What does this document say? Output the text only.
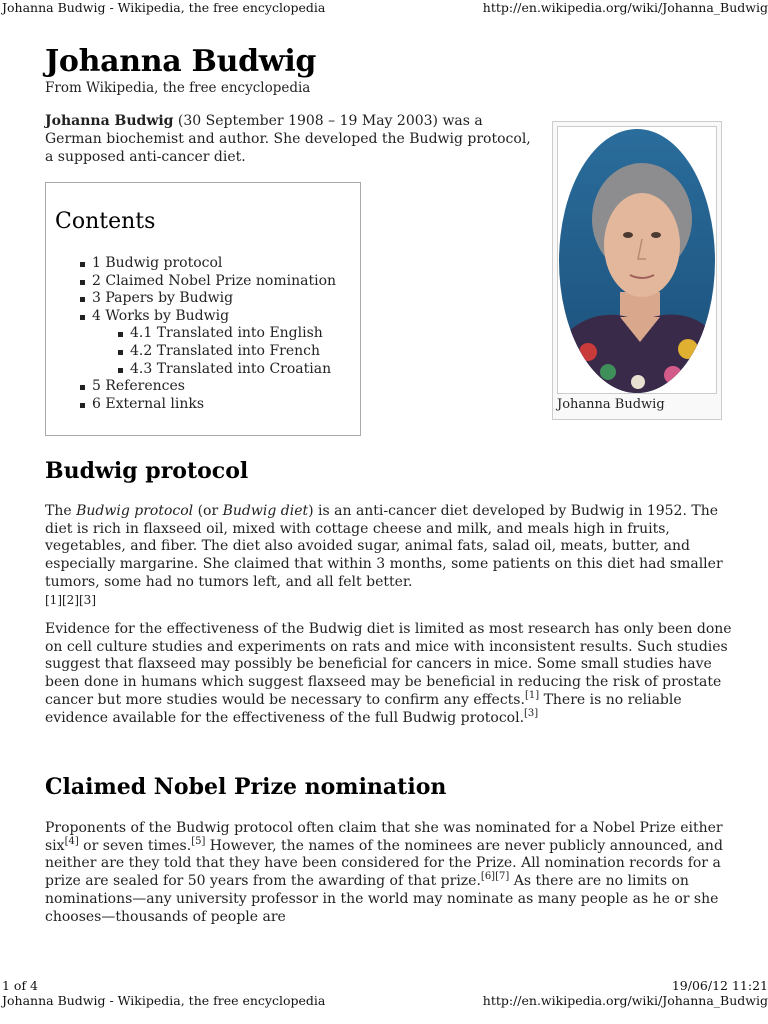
Johanna Budwig - Wikipedia, the free encyclopedia	http://en.wikipedia.org/wiki/Johanna_Budwig
Johanna Budwig
From Wikipedia, the free encyclopedia

Johanna Budwig (30 September 1908 – 19 May 2003) was a German biochemist and author. She developed the Budwig protocol, a supposed anti-cancer diet.

Contents
1 Budwig protocol
2 Claimed Nobel Prize nomination
3 Papers by Budwig
4 Works by Budwig
4.1 Translated into English
4.2 Translated into French
4.3 Translated into Croatian
5 References
6 External links	Johanna Budwig
Budwig protocol

The Budwig protocol (or Budwig diet) is an anti-cancer diet developed by Budwig in 1952. The diet is rich in flaxseed oil, mixed with cottage cheese and milk, and meals high in fruits, vegetables, and fiber. The diet also avoided sugar, animal fats, salad oil, meats, butter, and especially margarine. She claimed that within 3 months, some patients on this diet had smaller tumors, some had no tumors left, and all felt better.
[1][2][3]

Evidence for the effectiveness of the Budwig diet is limited as most research has only been done on cell culture studies and experiments on rats and mice with inconsistent results. Such studies suggest that flaxseed may possibly be beneficial for cancers in mice. Some small studies have been done in humans which suggest flaxseed may be beneficial in reducing the risk of prostate cancer but more studies would be necessary to confirm any effects.[1] There is no reliable evidence available for the effectiveness of the full Budwig protocol.[3]

Claimed Nobel Prize nomination

Proponents of the Budwig protocol often claim that she was nominated for a Nobel Prize either six[4] or seven times.[5] However, the names of the nominees are never publicly announced, and neither are they told that they have been considered for the Prize. All nomination records for a prize are sealed for 50 years from the awarding of that prize.[6][7] As there are no limits on nominations—any university professor in the world may nominate as many people as he or she chooses—thousands of people are

1 of 4	19/06/12 11:21
Johanna Budwig - Wikipedia, the free encyclopedia	http://en.wikipedia.org/wiki/Johanna_Budwig
